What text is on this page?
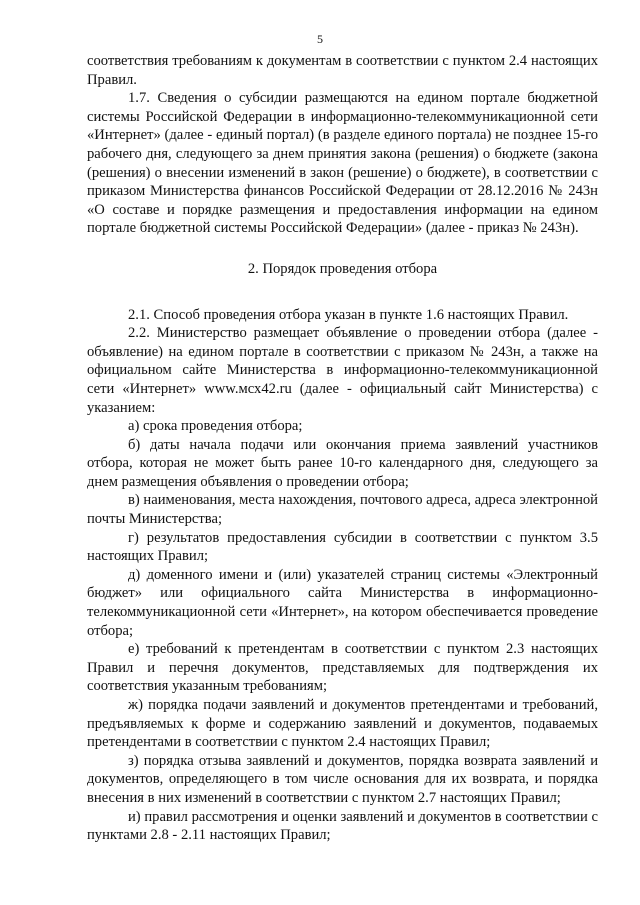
5

соответствия требованиям к документам в соответствии с пунктом 2.4 настоящих Правил.

1.7. Сведения о субсидии размещаются на едином портале бюджетной системы Российской Федерации в информационно-телекоммуникационной сети «Интернет» (далее - единый портал) (в разделе единого портала) не позднее 15-го рабочего дня, следующего за днем принятия закона (решения) о бюджете (закона (решения) о внесении изменений в закон (решение) о бюджете), в соответствии с приказом Министерства финансов Российской Федерации от 28.12.2016 № 243н «О составе и порядке размещения и предоставления информации на едином портале бюджетной системы Российской Федерации» (далее - приказ № 243н).

2. Порядок проведения отбора

2.1. Способ проведения отбора указан в пункте 1.6 настоящих Правил.

2.2. Министерство размещает объявление о проведении отбора (далее - объявление) на едином портале в соответствии с приказом № 243н, а также на официальном сайте Министерства в информационно-телекоммуникационной сети «Интернет» www.мсх42.ru (далее - официальный сайт Министерства) с указанием:

а) срока проведения отбора;

б) даты начала подачи или окончания приема заявлений участников отбора, которая не может быть ранее 10-го календарного дня, следующего за днем размещения объявления о проведении отбора;

в) наименования, места нахождения, почтового адреса, адреса электронной почты Министерства;

г) результатов предоставления субсидии в соответствии с пунктом 3.5 настоящих Правил;

д) доменного имени и (или) указателей страниц системы «Электронный бюджет» или официального сайта Министерства в информационно-телекоммуникационной сети «Интернет», на котором обеспечивается проведение отбора;

е) требований к претендентам в соответствии с пунктом 2.3 настоящих Правил и перечня документов, представляемых для подтверждения их соответствия указанным требованиям;

ж) порядка подачи заявлений и документов претендентами и требований, предъявляемых к форме и содержанию заявлений и документов, подаваемых претендентами в соответствии с пунктом 2.4 настоящих Правил;

з) порядка отзыва заявлений и документов, порядка возврата заявлений и документов, определяющего в том числе основания для их возврата, и порядка внесения в них изменений в соответствии с пунктом 2.7 настоящих Правил;

и) правил рассмотрения и оценки заявлений и документов в соответствии с пунктами 2.8 - 2.11 настоящих Правил;
